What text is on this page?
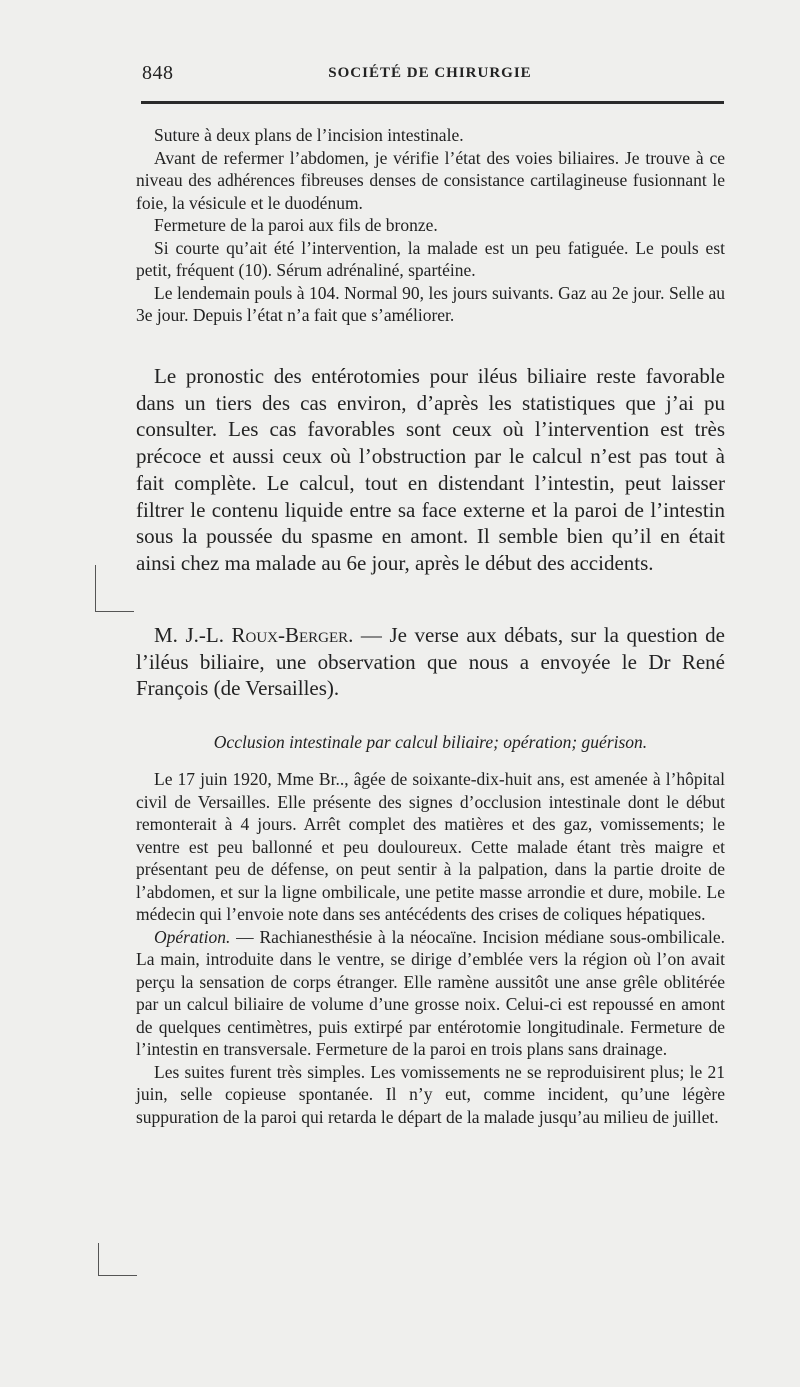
848	SOCIÉTÉ DE CHIRURGIE

Suture à deux plans de l’incision intestinale.

Avant de refermer l’abdomen, je vérifie l’état des voies biliaires. Je trouve à ce niveau des adhérences fibreuses denses de consistance cartilagineuse fusionnant le foie, la vésicule et le duodénum.

Fermeture de la paroi aux fils de bronze.

Si courte qu’ait été l’intervention, la malade est un peu fatiguée. Le pouls est petit, fréquent (10). Sérum adrénaliné, spartéine.

Le lendemain pouls à 104. Normal 90, les jours suivants. Gaz au 2e jour. Selle au 3e jour. Depuis l’état n’a fait que s’améliorer.

Le pronostic des entérotomies pour iléus biliaire reste favorable dans un tiers des cas environ, d’après les statistiques que j’ai pu consulter. Les cas favorables sont ceux où l’intervention est très précoce et aussi ceux où l’obstruction par le calcul n’est pas tout à fait complète. Le calcul, tout en distendant l’intestin, peut laisser filtrer le contenu liquide entre sa face externe et la paroi de l’intestin sous la poussée du spasme en amont. Il semble bien qu’il en était ainsi chez ma malade au 6e jour, après le début des accidents.

M. J.-L. Roux-Berger. — Je verse aux débats, sur la question de l’iléus biliaire, une observation que nous a envoyée le Dr René François (de Versailles).

Occlusion intestinale par calcul biliaire; opération; guérison.

Le 17 juin 1920, Mme Br.., âgée de soixante-dix-huit ans, est amenée à l’hôpital civil de Versailles. Elle présente des signes d’occlusion intestinale dont le début remonterait à 4 jours. Arrêt complet des matières et des gaz, vomissements; le ventre est peu ballonné et peu douloureux. Cette malade étant très maigre et présentant peu de défense, on peut sentir à la palpation, dans la partie droite de l’abdomen, et sur la ligne ombilicale, une petite masse arrondie et dure, mobile. Le médecin qui l’envoie note dans ses antécédents des crises de coliques hépatiques.

Opération. — Rachianesthésie à la néocaïne. Incision médiane sous-ombilicale. La main, introduite dans le ventre, se dirige d’emblée vers la région où l’on avait perçu la sensation de corps étranger. Elle ramène aussitôt une anse grêle oblitérée par un calcul biliaire de volume d’une grosse noix. Celui-ci est repoussé en amont de quelques centimètres, puis extirpé par entérotomie longitudinale. Fermeture de l’intestin en transversale. Fermeture de la paroi en trois plans sans drainage.

Les suites furent très simples. Les vomissements ne se reproduisirent plus; le 21 juin, selle copieuse spontanée. Il n’y eut, comme incident, qu’une légère suppuration de la paroi qui retarda le départ de la malade jusqu’au milieu de juillet.
